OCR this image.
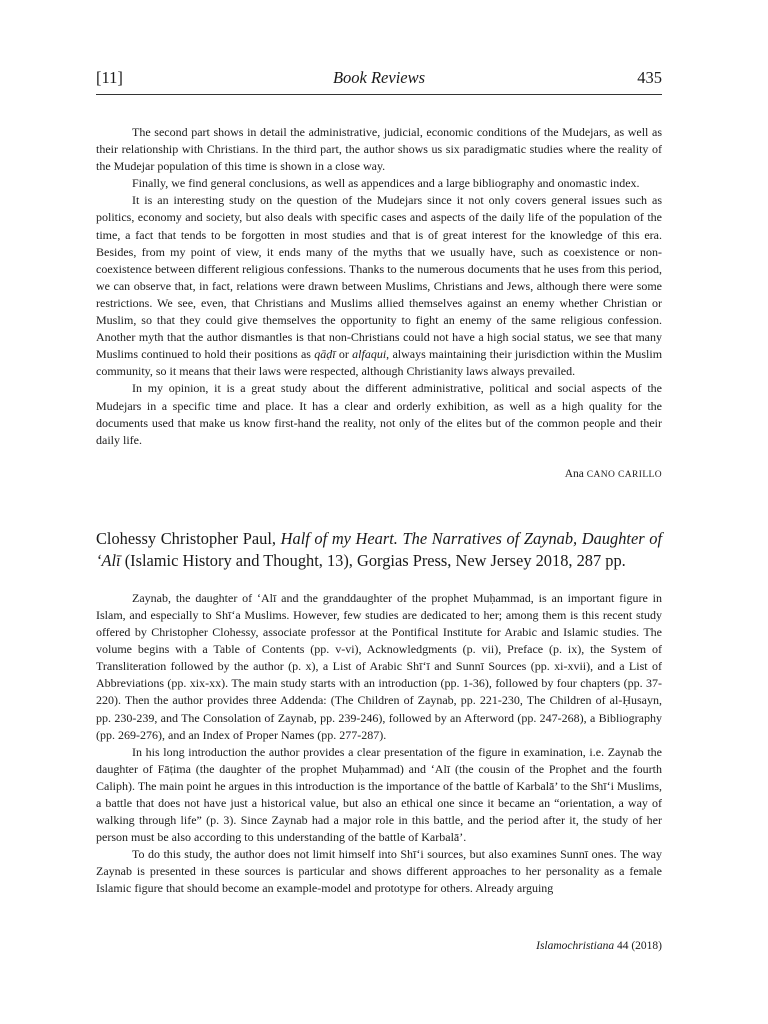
[11]	Book Reviews	435

The second part shows in detail the administrative, judicial, economic conditions of the Mudejars, as well as their relationship with Christians. In the third part, the author shows us six paradigmatic studies where the reality of the Mudejar population of this time is shown in a close way.

Finally, we find general conclusions, as well as appendices and a large bibliography and onomastic index.

It is an interesting study on the question of the Mudejars since it not only covers general issues such as politics, economy and society, but also deals with specific cases and aspects of the daily life of the population of the time, a fact that tends to be forgotten in most studies and that is of great interest for the knowledge of this era. Besides, from my point of view, it ends many of the myths that we usually have, such as coexistence or non-coexistence between different religious confessions. Thanks to the numerous documents that he uses from this period, we can observe that, in fact, relations were drawn between Muslims, Christians and Jews, although there were some restrictions. We see, even, that Christians and Muslims allied themselves against an enemy whether Christian or Muslim, so that they could give themselves the opportunity to fight an enemy of the same religious confession. Another myth that the author dismantles is that non-Christians could not have a high social status, we see that many Muslims continued to hold their positions as qāḍī or alfaqui, always maintaining their jurisdiction within the Muslim community, so it means that their laws were respected, although Christianity laws always prevailed.

In my opinion, it is a great study about the different administrative, political and social aspects of the Mudejars in a specific time and place. It has a clear and orderly exhibition, as well as a high quality for the documents used that make us know first-hand the reality, not only of the elites but of the common people and their daily life.

Ana CANO CARILLO
Clohessy Christopher Paul, Half of my Heart. The Narratives of Zaynab, Daughter of ‘Alī (Islamic History and Thought, 13), Gorgias Press, New Jersey 2018, 287 pp.

Zaynab, the daughter of ‘Alī and the granddaughter of the prophet Muḥammad, is an important figure in Islam, and especially to Shī‘a Muslims. However, few studies are dedicated to her; among them is this recent study offered by Christopher Clohessy, associate professor at the Pontifical Institute for Arabic and Islamic studies. The volume begins with a Table of Contents (pp. v-vi), Acknowledgments (p. vii), Preface (p. ix), the System of Transliteration followed by the author (p. x), a List of Arabic Shī‘ī and Sunnī Sources (pp. xi-xvii), and a List of Abbreviations (pp. xix-xx). The main study starts with an introduction (pp. 1-36), followed by four chapters (pp. 37-220). Then the author provides three Addenda: (The Children of Zaynab, pp. 221-230, The Children of al-Ḥusayn, pp. 230-239, and The Consolation of Zaynab, pp. 239-246), followed by an Afterword (pp. 247-268), a Bibliography (pp. 269-276), and an Index of Proper Names (pp. 277-287).

In his long introduction the author provides a clear presentation of the figure in examination, i.e. Zaynab the daughter of Fāṭima (the daughter of the prophet Muḥammad) and ‘Alī (the cousin of the Prophet and the fourth Caliph). The main point he argues in this introduction is the importance of the battle of Karbalā’ to the Shī‘i Muslims, a battle that does not have just a historical value, but also an ethical one since it became an “orientation, a way of walking through life” (p. 3). Since Zaynab had a major role in this battle, and the period after it, the study of her person must be also according to this understanding of the battle of Karbalā’.

To do this study, the author does not limit himself into Shī‘i sources, but also examines Sunnī ones. The way Zaynab is presented in these sources is particular and shows different approaches to her personality as a female Islamic figure that should become an example-model and prototype for others. Already arguing

Islamochristiana 44 (2018)
